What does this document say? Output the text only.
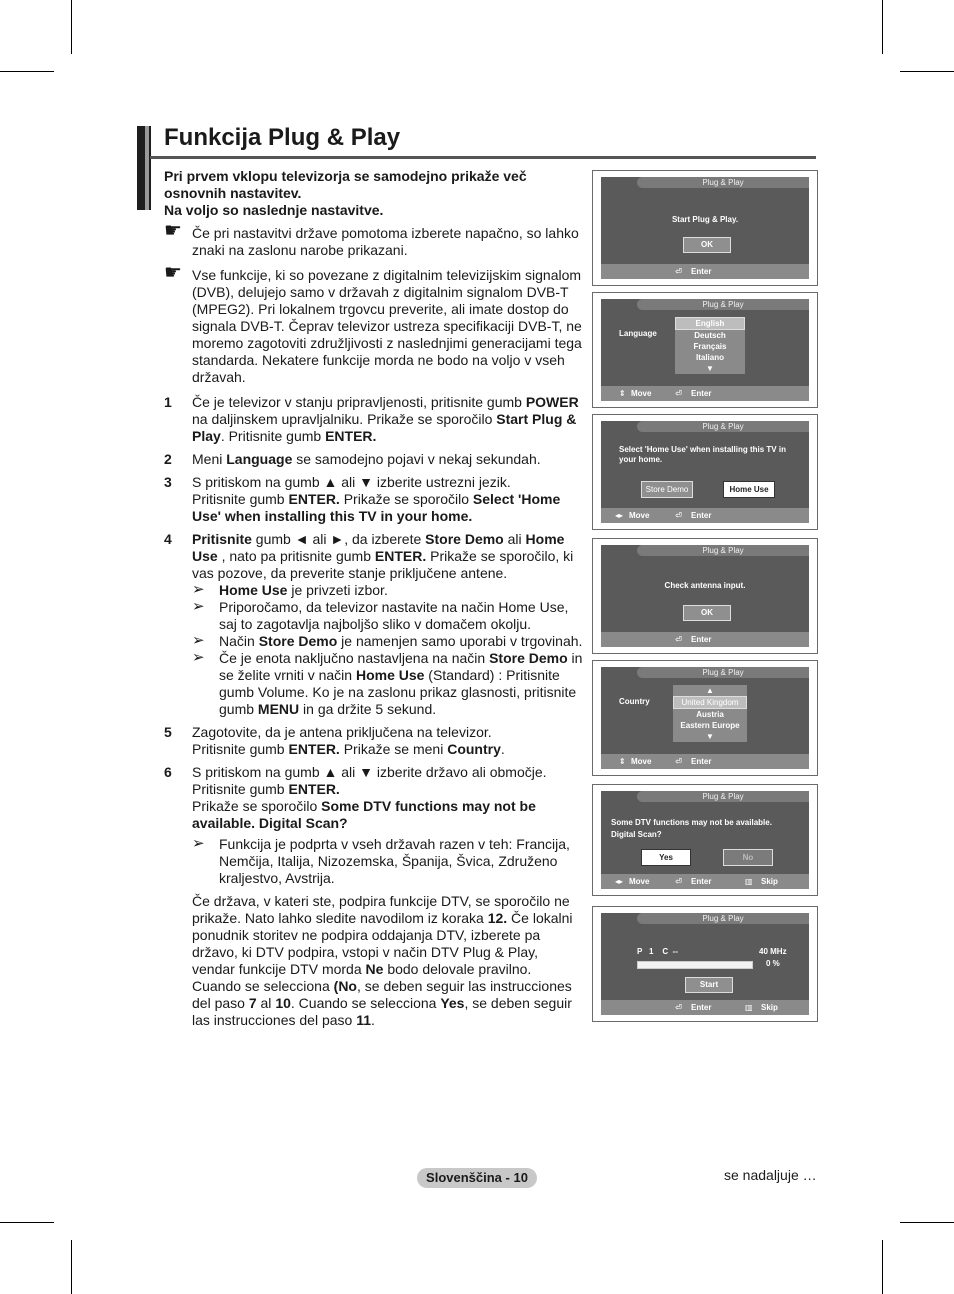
Funkcija Plug & Play
Pri prvem vklopu televizorja se samodejno prikaže več osnovnih nastavitev.
Na voljo so naslednje nastavitve.
☛ Če pri nastavitvi države pomotoma izberete napačno, so lahko znaki na zaslonu narobe prikazani.
☛ Vse funkcije, ki so povezane z digitalnim televizijskim signalom (DVB), delujejo samo v državah z digitalnim signalom DVB-T (MPEG2). Pri lokalnem trgovcu preverite, ali imate dostop do signala DVB-T. Čeprav televizor ustreza specifikaciji DVB-T, ne moremo zagotoviti združljivosti z naslednjimi generacijami tega standarda. Nekatere funkcije morda ne bodo na voljo v vseh državah.
1 Če je televizor v stanju pripravljenosti, pritisnite gumb POWER na daljinskem upravljalniku. Prikaže se sporočilo Start Plug & Play. Pritisnite gumb ENTER.
2 Meni Language se samodejno pojavi v nekaj sekundah.
3 S pritiskom na gumb ▲ ali ▼ izberite ustrezni jezik.
Pritisnite gumb ENTER. Prikaže se sporočilo Select 'Home Use' when installing this TV in your home.
4 Pritisnite gumb ◄ ali ►, da izberete Store Demo ali Home Use , nato pa pritisnite gumb ENTER. Prikaže se sporočilo, ki vas pozove, da preverite stanje priključene antene.
➢ Home Use je privzeti izbor.
➢ Priporočamo, da televizor nastavite na način Home Use, saj to zagotavlja najboljšo sliko v domačem okolju.
➢ Način Store Demo je namenjen samo uporabi v trgovinah.
➢ Če je enota naključno nastavljena na način Store Demo in se želite vrniti v način Home Use (Standard) : Pritisnite gumb Volume. Ko je na zaslonu prikaz glasnosti, pritisnite gumb MENU in ga držite 5 sekund.
5 Zagotovite, da je antena priključena na televizor.
Pritisnite gumb ENTER. Prikaže se meni Country.
6 S pritiskom na gumb ▲ ali ▼ izberite državo ali območje.
Pritisnite gumb ENTER.
Prikaže se sporočilo Some DTV functions may not be available. Digital Scan?
➢ Funkcija je podprta v vseh državah razen v teh: Francija, Nemčija, Italija, Nizozemska, Španija, Švica, Združeno kraljestvo, Avstrija.
Če država, v kateri ste, podpira funkcije DTV, se sporočilo ne prikaže. Nato lahko sledite navodilom iz koraka 12. Če lokalni ponudnik storitev ne podpira oddajanja DTV, izberete pa državo, ki DTV podpira, vstopi v način DTV Plug & Play, vendar funkcije DTV morda Ne bodo delovale pravilno. Cuando se selecciona (No, se deben seguir las instrucciones del paso 7 al 10. Cuando se selecciona Yes, se deben seguir las instrucciones del paso 11.
Plug & Play
Start Plug & Play.
OK
⏎ Enter
Plug & Play
Language
English
Deutsch
Français
Italiano
▼
⇕ Move	⏎ Enter
Plug & Play
Select 'Home Use' when installing this TV in your home.
Store Demo	Home Use
◂▸ Move	⏎ Enter
Plug & Play
Check antenna input.
OK
⏎ Enter
Plug & Play
Country
▲
United Kingdom
Austria
Eastern Europe
▼
⇕ Move	⏎ Enter
Plug & Play
Some DTV functions may not be available. Digital Scan?
Yes	No
◂▸ Move	⏎ Enter	▥ Skip
Plug & Play
P 1 C --	40 MHz
0 %
Start
⏎ Enter	▥ Skip
Slovenščina - 10	se nadaljuje …
